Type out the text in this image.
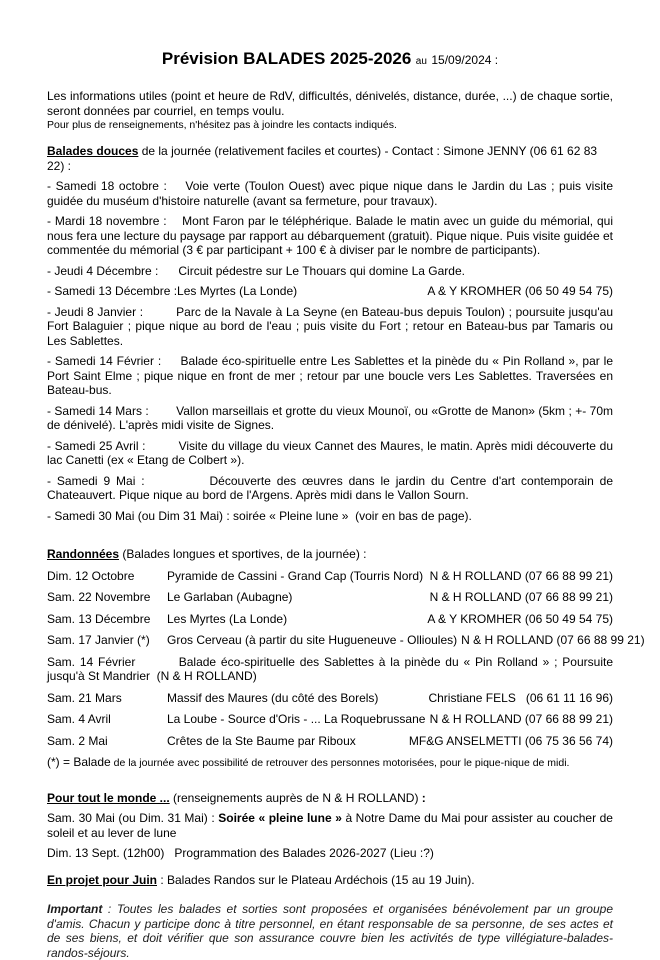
Prévision BALADES 2025-2026 au 15/09/2024 :

Les informations utiles (point et heure de RdV, difficultés, dénivelés, distance, durée, ...) de chaque sortie, seront données par courriel, en temps voulu.

Pour plus de renseignements, n'hésitez pas à joindre les contacts indiqués.

Balades douces de la journée (relativement faciles et courtes) - Contact : Simone JENNY (06 61 62 83 22) :

- Samedi 18 octobre :    Voie verte (Toulon Ouest) avec pique nique dans le Jardin du Las ; puis visite guidée du muséum d'histoire naturelle (avant sa fermeture, pour travaux).

- Mardi 18 novembre :    Mont Faron par le téléphérique. Balade le matin avec un guide du mémorial, qui nous fera une lecture du paysage par rapport au débarquement (gratuit). Pique nique. Puis visite guidée et commentée du mémorial (3 € par participant + 100 € à diviser par le nombre de participants).

- Jeudi 4 Décembre :      Circuit pédestre sur Le Thouars qui domine La Garde.

- Samedi 13 Décembre :Les Myrtes (La Londe)	A & Y KROMHER (06 50 49 54 75)

- Jeudi 8 Janvier :         Parc de la Navale à La Seyne (en Bateau-bus depuis Toulon) ; poursuite jusqu'au Fort Balaguier ; pique nique au bord de l'eau ; puis visite du Fort ; retour en Bateau-bus par Tamaris ou Les Sablettes.

- Samedi 14 Février :     Balade éco-spirituelle entre Les Sablettes et la pinède du « Pin Rolland », par le Port Saint Elme ; pique nique en front de mer ; retour par une boucle vers Les Sablettes. Traversées en Bateau-bus.

- Samedi 14 Mars :        Vallon marseillais et grotte du vieux Mounoï, ou «Grotte de Manon» (5km ; +- 70m de dénivelé). L'après midi visite de Signes.

- Samedi 25 Avril :         Visite du village du vieux Cannet des Maures, le matin. Après midi découverte du lac Canetti (ex « Etang de Colbert »).

- Samedi 9 Mai :           Découverte des œuvres dans le jardin du Centre d'art contemporain de Chateauvert. Pique nique au bord de l'Argens. Après midi dans le Vallon Sourn.

- Samedi 30 Mai (ou Dim 31 Mai) : soirée « Pleine lune »  (voir en bas de page).

Randonnées (Balades longues et sportives, de la journée) :

Dim. 12 Octobre	Pyramide de Cassini - Grand Cap (Tourris Nord) N & H ROLLAND (07 66 88 99 21)
Sam. 22 Novembre	Le Garlaban (Aubagne)	N & H ROLLAND (07 66 88 99 21)
Sam. 13 Décembre	Les Myrtes (La Londe)	A & Y KROMHER (06 50 49 54 75)
Sam. 17 Janvier (*)	Gros Cerveau (à partir du site Hugueneuve - Ollioules) N & H ROLLAND (07 66 88 99 21)

Sam. 14 Février         Balade éco-spirituelle des Sablettes à la pinède du « Pin Rolland » ; Poursuite jusqu'à St Mandrier  (N & H ROLLAND)

Sam. 21 Mars	Massif des Maures (du côté des Borels)	Christiane FELS   (06 61 11 16 96)
Sam. 4 Avril	La Loube - Source d'Oris - ... La Roquebrussane N & H ROLLAND (07 66 88 99 21)
Sam. 2 Mai	Crêtes de la Ste Baume par Riboux	MF&G ANSELMETTI (06 75 36 56 74)

(*) = Balade de la journée avec possibilité de retrouver des personnes motorisées, pour le pique-nique de midi.

Pour tout le monde ... (renseignements auprès de N & H ROLLAND) :

Sam. 30 Mai (ou Dim. 31 Mai) : Soirée « pleine lune » à Notre Dame du Mai pour assister au coucher de soleil et au lever de lune

Dim. 13 Sept. (12h00)   Programmation des Balades 2026-2027 (Lieu :?)

En projet pour Juin : Balades Randos sur le Plateau Ardéchois (15 au 19 Juin).

Important : Toutes les balades et sorties sont proposées et organisées bénévolement par un groupe d'amis. Chacun y participe donc à titre personnel, en étant responsable de sa personne, de ses actes et de ses biens, et doit vérifier que son assurance couvre bien les activités de type villégiature-balades-randos-séjours.
